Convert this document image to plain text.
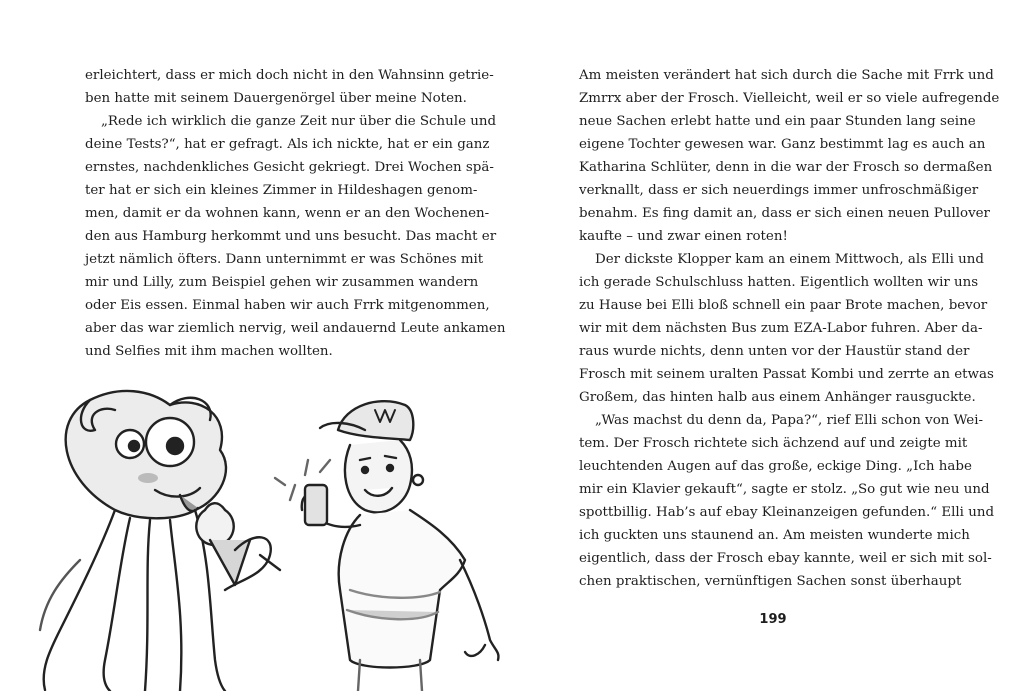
erleichtert, dass er mich doch nicht in den Wahnsinn getrie-
ben hatte mit seinem Dauergenörgel über meine Noten.
„Rede ich wirklich die ganze Zeit nur über die Schule und
deine Tests?“, hat er gefragt. Als ich nickte, hat er ein ganz
ernstes, nachdenkliches Gesicht gekriegt. Drei Wochen spä-
ter hat er sich ein kleines Zimmer in Hildeshagen genom-
men, damit er da wohnen kann, wenn er an den Wochenen-
den aus Hamburg herkommt und uns besucht. Das macht er
jetzt nämlich öfters. Dann unternimmt er was Schönes mit
mir und Lilly, zum Beispiel gehen wir zusammen wandern
oder Eis essen. Einmal haben wir auch Frrk mitgenommen,
aber das war ziemlich nervig, weil andauernd Leute ankamen
und Selfies mit ihm machen wollten.
Am meisten verändert hat sich durch die Sache mit Frrk und
Zmrrx aber der Frosch. Vielleicht, weil er so viele aufregende
neue Sachen erlebt hatte und ein paar Stunden lang seine
eigene Tochter gewesen war. Ganz bestimmt lag es auch an
Katharina Schlüter, denn in die war der Frosch so dermaßen
verknallt, dass er sich neuerdings immer unfroschmäßiger
benahm. Es fing damit an, dass er sich einen neuen Pullover
kaufte – und zwar einen roten!
Der dickste Klopper kam an einem Mittwoch, als Elli und
ich gerade Schulschluss hatten. Eigentlich wollten wir uns
zu Hause bei Elli bloß schnell ein paar Brote machen, bevor
wir mit dem nächsten Bus zum EZA-Labor fuhren. Aber da-
raus wurde nichts, denn unten vor der Haustür stand der
Frosch mit seinem uralten Passat Kombi und zerrte an etwas
Großem, das hinten halb aus einem Anhänger rausguckte.
„Was machst du denn da, Papa?“, rief Elli schon von Wei-
tem. Der Frosch richtete sich ächzend auf und zeigte mit
leuchtenden Augen auf das große, eckige Ding. „Ich habe
mir ein Klavier gekauft“, sagte er stolz. „So gut wie neu und
spottbillig. Hab’s auf ebay Kleinanzeigen gefunden.“ Elli und
ich guckten uns staunend an. Am meisten wunderte mich
eigentlich, dass der Frosch ebay kannte, weil er sich mit sol-
chen praktischen, vernünftigen Sachen sonst überhaupt
199
